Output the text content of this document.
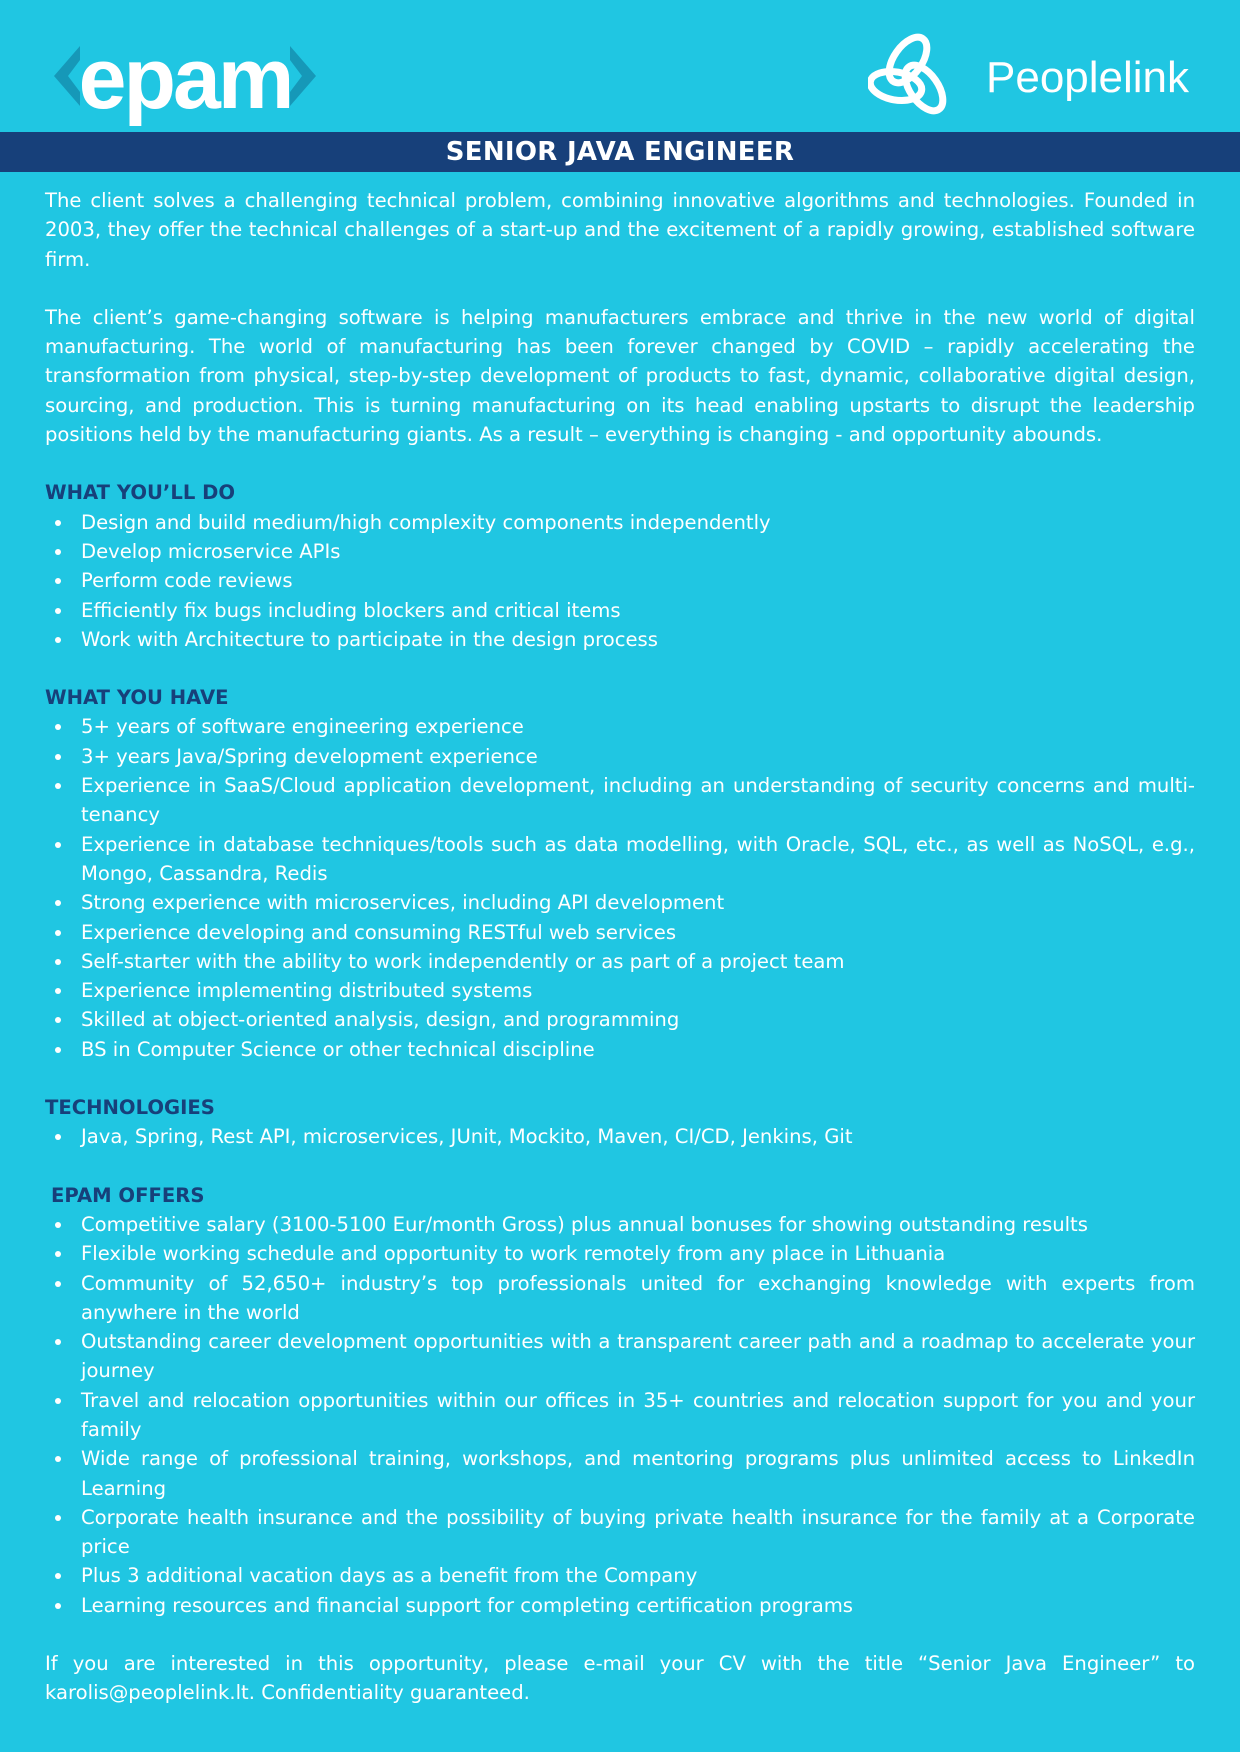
epam	Peoplelink
SENIOR JAVA ENGINEER

The client solves a challenging technical problem, combining innovative algorithms and technologies. Founded in 2003, they offer the technical challenges of a start-up and the excitement of a rapidly growing, established software firm.

The client’s game-changing software is helping manufacturers embrace and thrive in the new world of digital manufacturing. The world of manufacturing has been forever changed by COVID – rapidly accelerating the transformation from physical, step-by-step development of products to fast, dynamic, collaborative digital design, sourcing, and production. This is turning manufacturing on its head enabling upstarts to disrupt the leadership positions held by the manufacturing giants. As a result – everything is changing - and opportunity abounds.

WHAT YOU’LL DO
Design and build medium/high complexity components independently
Develop microservice APIs
Perform code reviews
Efficiently fix bugs including blockers and critical items
Work with Architecture to participate in the design process
WHAT YOU HAVE
5+ years of software engineering experience
3+ years Java/Spring development experience
Experience in SaaS/Cloud application development, including an understanding of security concerns and multi-tenancy
Experience in database techniques/tools such as data modelling, with Oracle, SQL, etc., as well as NoSQL, e.g., Mongo, Cassandra, Redis
Strong experience with microservices, including API development
Experience developing and consuming RESTful web services
Self-starter with the ability to work independently or as part of a project team
Experience implementing distributed systems
Skilled at object-oriented analysis, design, and programming
BS in Computer Science or other technical discipline
TECHNOLOGIES
Java, Spring, Rest API, microservices, JUnit, Mockito, Maven, CI/CD, Jenkins, Git
EPAM OFFERS
Competitive salary (3100-5100 Eur/month Gross) plus annual bonuses for showing outstanding results
Flexible working schedule and opportunity to work remotely from any place in Lithuania
Community of 52,650+ industry’s top professionals united for exchanging knowledge with experts from anywhere in the world
Outstanding career development opportunities with a transparent career path and a roadmap to accelerate your journey
Travel and relocation opportunities within our offices in 35+ countries and relocation support for you and your family
Wide range of professional training, workshops, and mentoring programs plus unlimited access to LinkedIn Learning
Corporate health insurance and the possibility of buying private health insurance for the family at a Corporate price
Plus 3 additional vacation days as a benefit from the Company
Learning resources and financial support for completing certification programs

If you are interested in this opportunity, please e-mail your CV with the title “Senior Java Engineer” to karolis@peoplelink.lt. Confidentiality guaranteed.
